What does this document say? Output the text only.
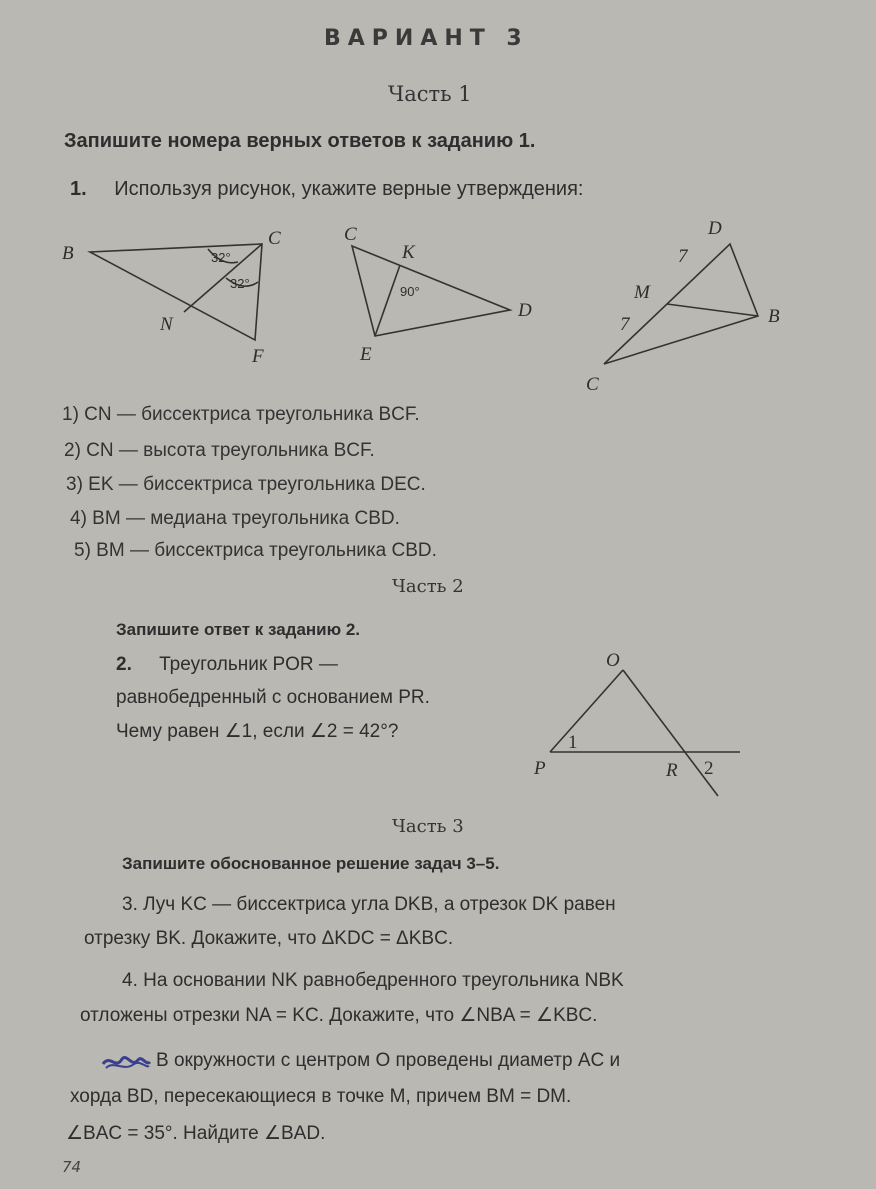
ВАРИАНТ 3
Часть 1
Запишите номера верных ответов к заданию 1.
1. Используя рисунок, укажите верные утверждения:
B
C
N
F
32°
32°
C
K
D
E
90°
D
M
B
C
7
7
1) CN — биссектриса треугольника BCF.
2) CN — высота треугольника BCF.
3) EK — биссектриса треугольника DEC.
4) BM — медиана треугольника CBD.
5) BM — биссектриса треугольника CBD.
Часть 2
Запишите ответ к заданию 2.
2. Треугольник POR —
равнобедренный с основанием PR.
Чему равен ∠1, если ∠2 = 42°?
O
P	R
1
2
Часть 3
Запишите обоснованное решение задач 3–5.
3. Луч KC — биссектриса угла DKB, а отрезок DK равен
отрезку BK. Докажите, что ΔKDC = ΔKBC.
4. На основании NK равнобедренного треугольника NBK
отложены отрезки NA = KC. Докажите, что ∠NBA = ∠KBC.
В окружности с центром O проведены диаметр AC и
хорда BD, пересекающиеся в точке M, причем BM = DM.
∠BAC = 35°. Найдите ∠BAD.
74
